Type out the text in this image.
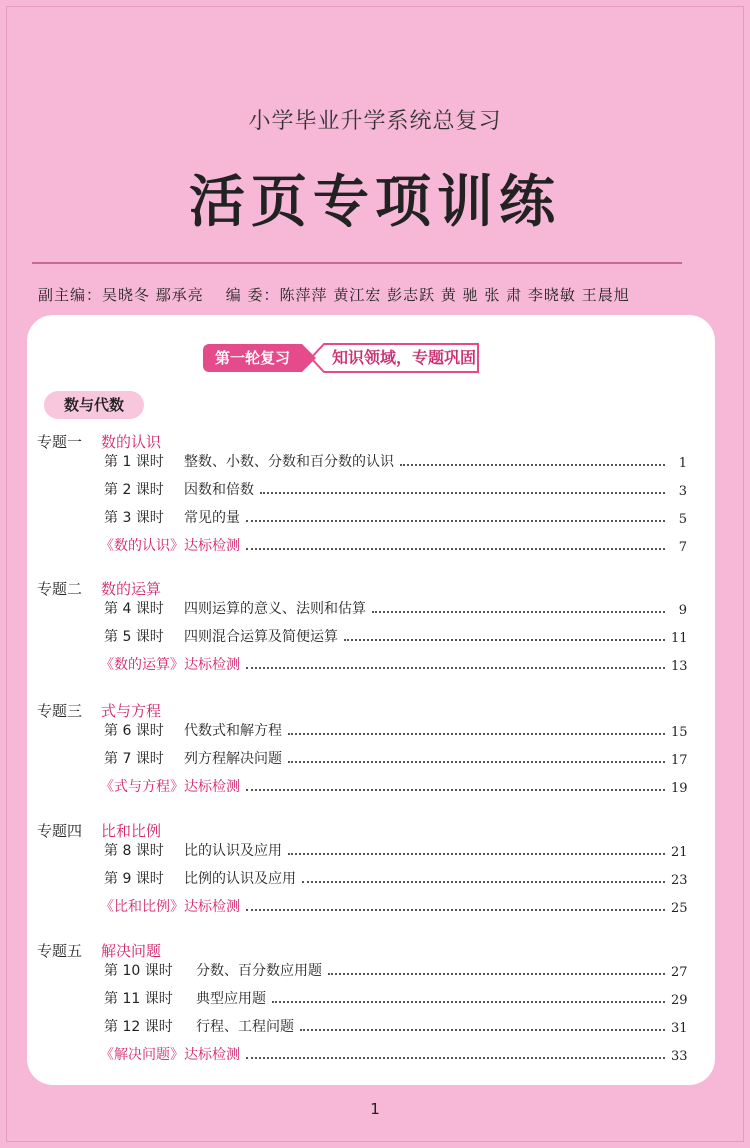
小学毕业升学系统总复习
活页专项训练
副主编：吴晓冬 鄢承亮 编 委：陈萍萍 黄江宏 彭志跃 黄 驰 张 肃 李晓敏 王晨旭
第一轮复习	知识领域，专题巩固
数与代数
专题一 数的认识
第 1 课时	整数、小数、分数和百分数的认识	1
第 2 课时	因数和倍数	3
第 3 课时	常见的量	5
《数的认识》达标检测	7
专题二 数的运算
第 4 课时	四则运算的意义、法则和估算	9
第 5 课时	四则混合运算及简便运算	11
《数的运算》达标检测	13
专题三 式与方程
第 6 课时	代数式和解方程	15
第 7 课时	列方程解决问题	17
《式与方程》达标检测	19
专题四 比和比例
第 8 课时	比的认识及应用	21
第 9 课时	比例的认识及应用	23
《比和比例》达标检测	25
专题五 解决问题
第 10 课时	分数、百分数应用题	27
第 11 课时	典型应用题	29
第 12 课时	行程、工程问题	31
《解决问题》达标检测	33
1
